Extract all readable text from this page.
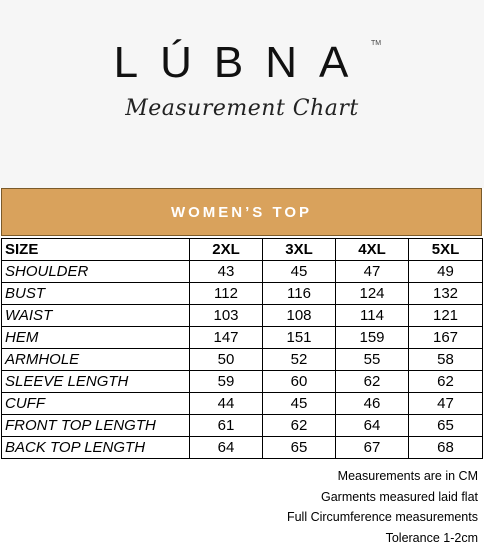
LÚBNA TM
Measurement Chart
WOMEN’S TOP
SIZE	2XL	3XL	4XL	5XL
SHOULDER	43	45	47	49
BUST	112	116	124	132
WAIST	103	108	114	121
HEM	147	151	159	167
ARMHOLE	50	52	55	58
SLEEVE LENGTH	59	60	62	62
CUFF	44	45	46	47
FRONT TOP LENGTH	61	62	64	65
BACK TOP LENGTH	64	65	67	68
Measurements are in CM
Garments measured laid flat
Full Circumference measurements
Tolerance 1-2cm
